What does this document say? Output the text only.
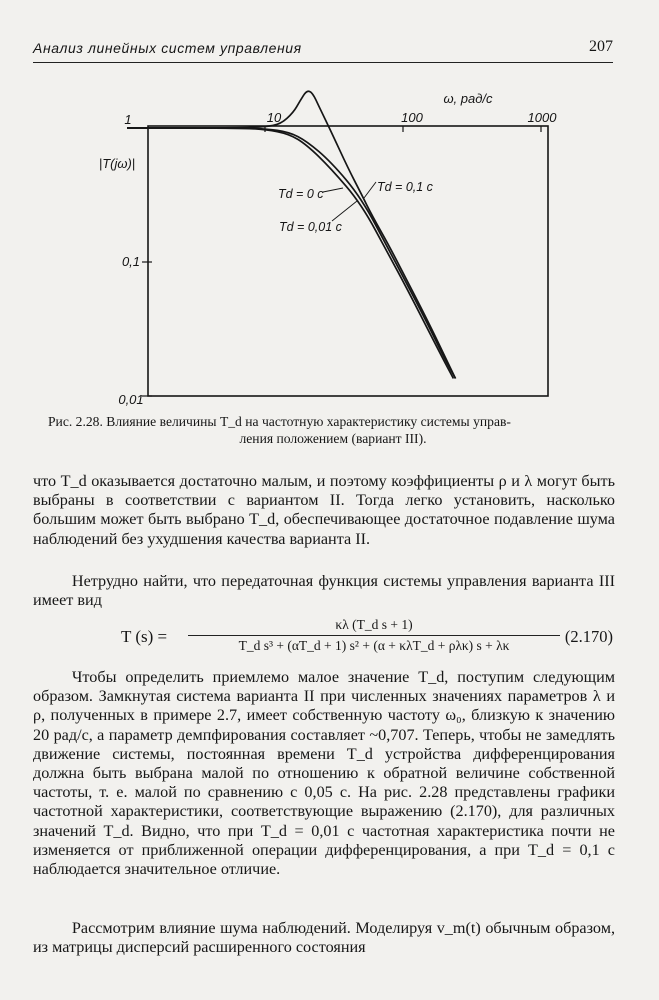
Анализ линейных систем управления	207
10	100	1000
ω, рад/с
1
0,1
0,01
|T(jω)|
Td = 0 c	Td = 0,1 c
Td = 0,01 c
Рис. 2.28. Влияние величины T_d на частотную характеристику системы управ-
ления положением (вариант III).
что T_d оказывается достаточно малым, и поэтому коэффициенты ρ и λ могут быть выбраны в соответствии с вариантом II. Тогда легко установить, насколько большим может быть выбрано T_d, обеспечивающее достаточное подавление шума наблюдений без ухудшения качества варианта II.
Нетрудно найти, что передаточная функция системы управления варианта III имеет вид
T (s) =
κλ (T_d s + 1)
T_d s³ + (αT_d + 1) s² + (α + κλT_d + ρλκ) s + λκ	(2.170)
Чтобы определить приемлемо малое значение T_d, поступим следующим образом. Замкнутая система варианта II при численных значениях параметров λ и ρ, полученных в примере 2.7, имеет собственную частоту ω₀, близкую к значению 20 рад/с, а параметр демпфирования составляет ~0,707. Теперь, чтобы не замедлять движение системы, постоянная времени T_d устройства дифференцирования должна быть выбрана малой по отношению к обратной величине собственной частоты, т. е. малой по сравнению с 0,05 с. На рис. 2.28 представлены графики частотной характеристики, соответствующие выражению (2.170), для различных значений T_d. Видно, что при T_d = 0,01 с частотная характеристика почти не изменяется от приближенной операции дифференцирования, а при T_d = 0,1 с наблюдается значительное отличие.
Рассмотрим влияние шума наблюдений. Моделируя v_m(t) обычным образом, из матрицы дисперсий расширенного состояния
